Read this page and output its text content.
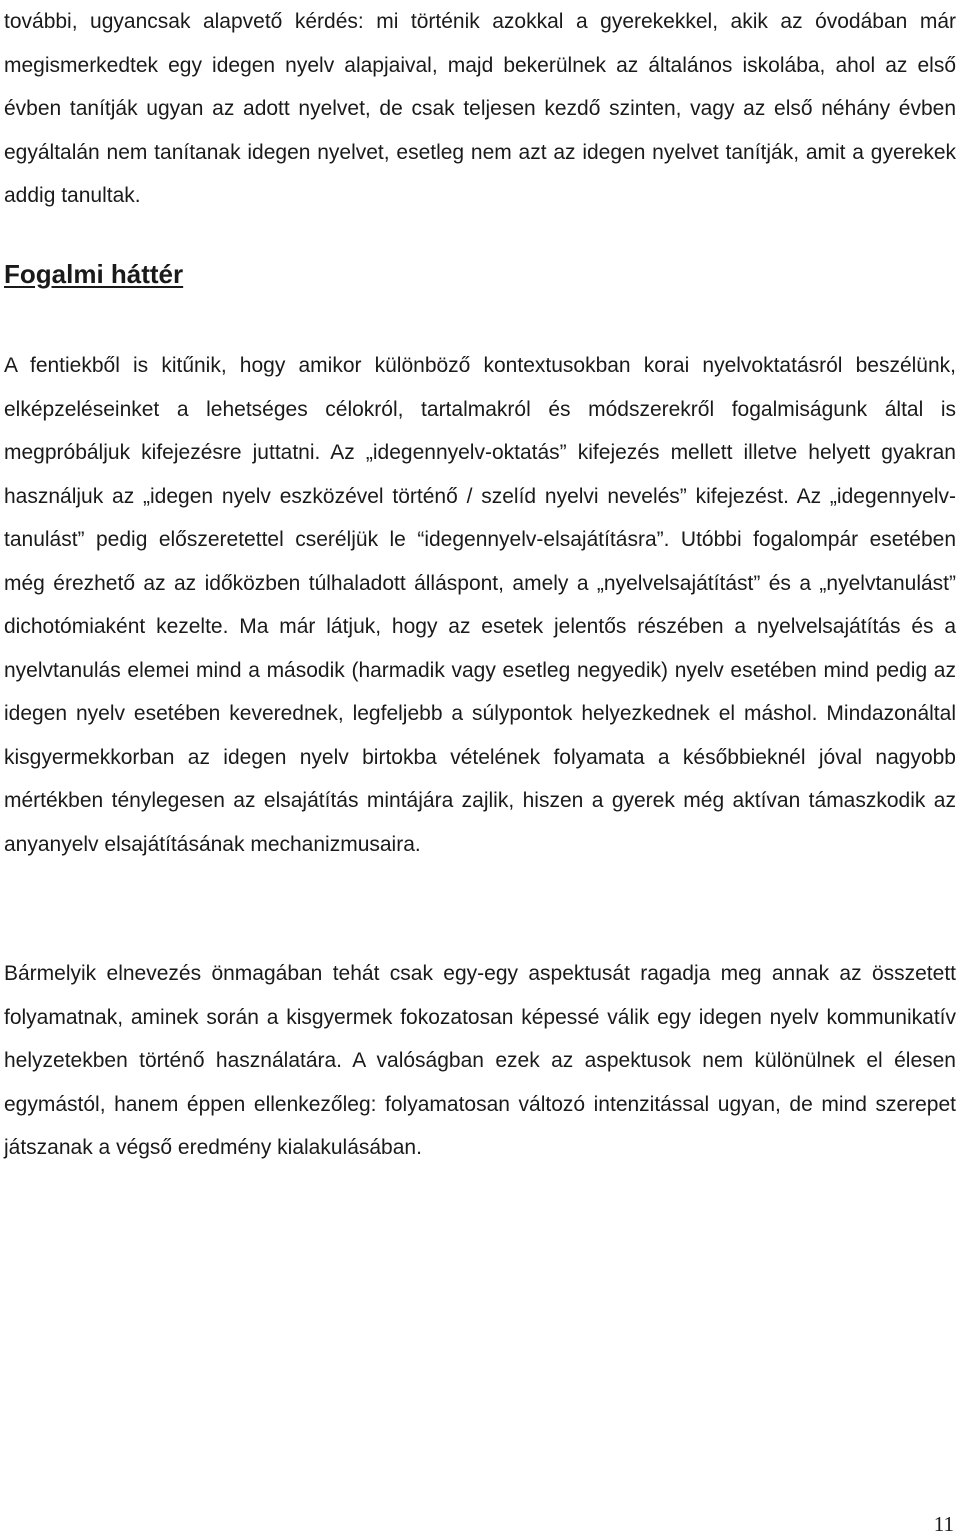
további, ugyancsak alapvető kérdés: mi történik azokkal a gyerekekkel, akik az óvodában már megismerkedtek egy idegen nyelv alapjaival, majd bekerülnek az általános iskolába, ahol az első évben tanítják ugyan az adott nyelvet, de csak teljesen kezdő szinten, vagy az első néhány évben egyáltalán nem tanítanak idegen nyelvet, esetleg nem azt az idegen nyelvet tanítják, amit a gyerekek addig tanultak.

Fogalmi háttér

A fentiekből is kitűnik, hogy amikor különböző kontextusokban korai nyelvoktatásról beszélünk, elképzeléseinket a lehetséges célokról, tartalmakról és módszerekről fogalmiságunk által is megpróbáljuk kifejezésre juttatni. Az „idegennyelv-oktatás” kifejezés mellett illetve helyett gyakran használjuk az „idegen nyelv eszközével történő / szelíd nyelvi nevelés” kifejezést. Az „idegennyelv-tanulást” pedig előszeretettel cseréljük le “idegennyelv-elsajátításra”. Utóbbi fogalompár esetében még érezhető az az időközben túlhaladott álláspont, amely a „nyelvelsajátítást” és a „nyelvtanulást” dichotómiaként kezelte. Ma már látjuk, hogy az esetek jelentős részében a nyelvelsajátítás és a nyelvtanulás elemei mind a második (harmadik vagy esetleg negyedik) nyelv esetében mind pedig az idegen nyelv esetében keverednek, legfeljebb a súlypontok helyezkednek el máshol. Mindazonáltal kisgyermekkorban az idegen nyelv birtokba vételének folyamata a későbbieknél jóval nagyobb mértékben ténylegesen az elsajátítás mintájára zajlik, hiszen a gyerek még aktívan támaszkodik az anyanyelv elsajátításának mechanizmusaira.

Bármelyik elnevezés önmagában tehát csak egy-egy aspektusát ragadja meg annak az összetett folyamatnak, aminek során a kisgyermek fokozatosan képessé válik egy idegen nyelv kommunikatív helyzetekben történő használatára. A valóságban ezek az aspektusok nem különülnek el élesen egymástól, hanem éppen ellenkezőleg: folyamatosan változó intenzitással ugyan, de mind szerepet játszanak a végső eredmény kialakulásában.

11
